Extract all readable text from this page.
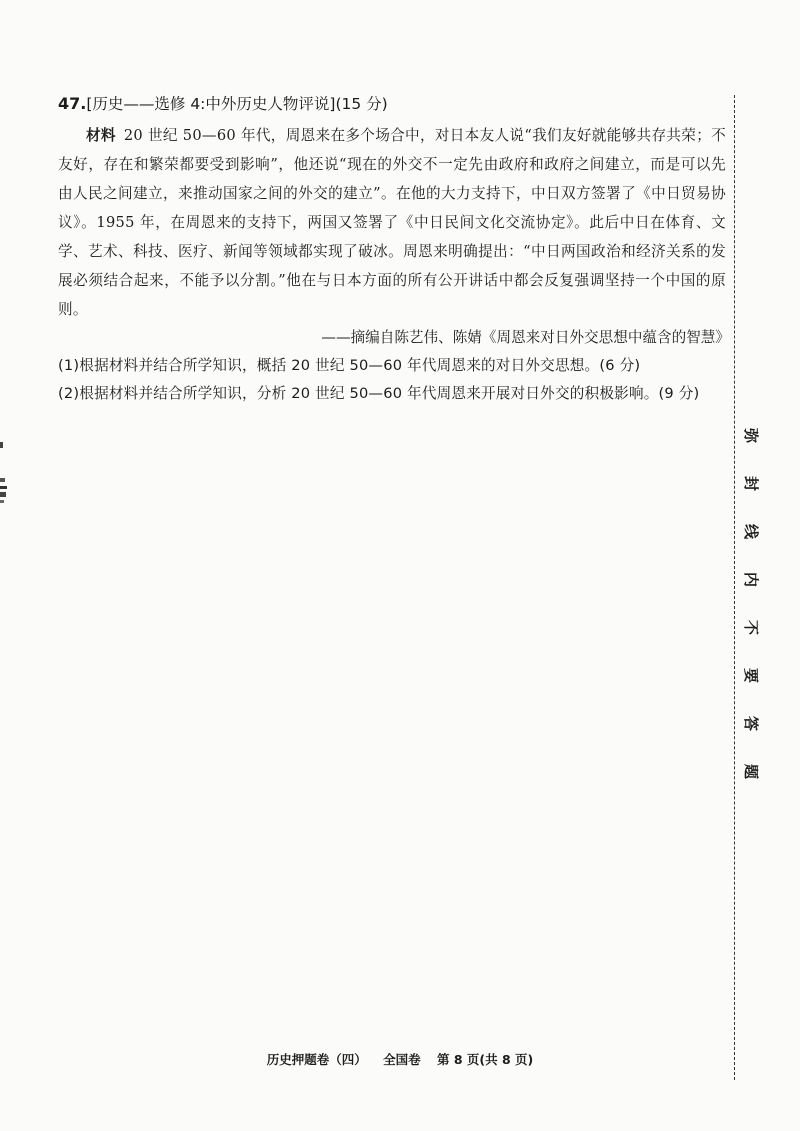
47.[历史——选修 4:中外历史人物评说](15 分)
材料 20 世纪 50—60 年代，周恩来在多个场合中，对日本友人说“我们友好就能够共存共荣；不友好，存在和繁荣都要受到影响”，他还说“现在的外交不一定先由政府和政府之间建立，而是可以先由人民之间建立，来推动国家之间的外交的建立”。在他的大力支持下，中日双方签署了《中日贸易协议》。1955 年，在周恩来的支持下，两国又签署了《中日民间文化交流协定》。此后中日在体育、文学、艺术、科技、医疗、新闻等领域都实现了破冰。周恩来明确提出：“中日两国政治和经济关系的发展必须结合起来，不能予以分割。”他在与日本方面的所有公开讲话中都会反复强调坚持一个中国的原则。
——摘编自陈艺伟、陈婧《周恩来对日外交思想中蕴含的智慧》
(1)根据材料并结合所学知识，概括 20 世纪 50—60 年代周恩来的对日外交思想。(6 分)
(2)根据材料并结合所学知识，分析 20 世纪 50—60 年代周恩来开展对日外交的积极影响。(9 分)
弥
封
线
内
不
要
答
题
历史押题卷（四） 全国卷 第 8 页(共 8 页)
